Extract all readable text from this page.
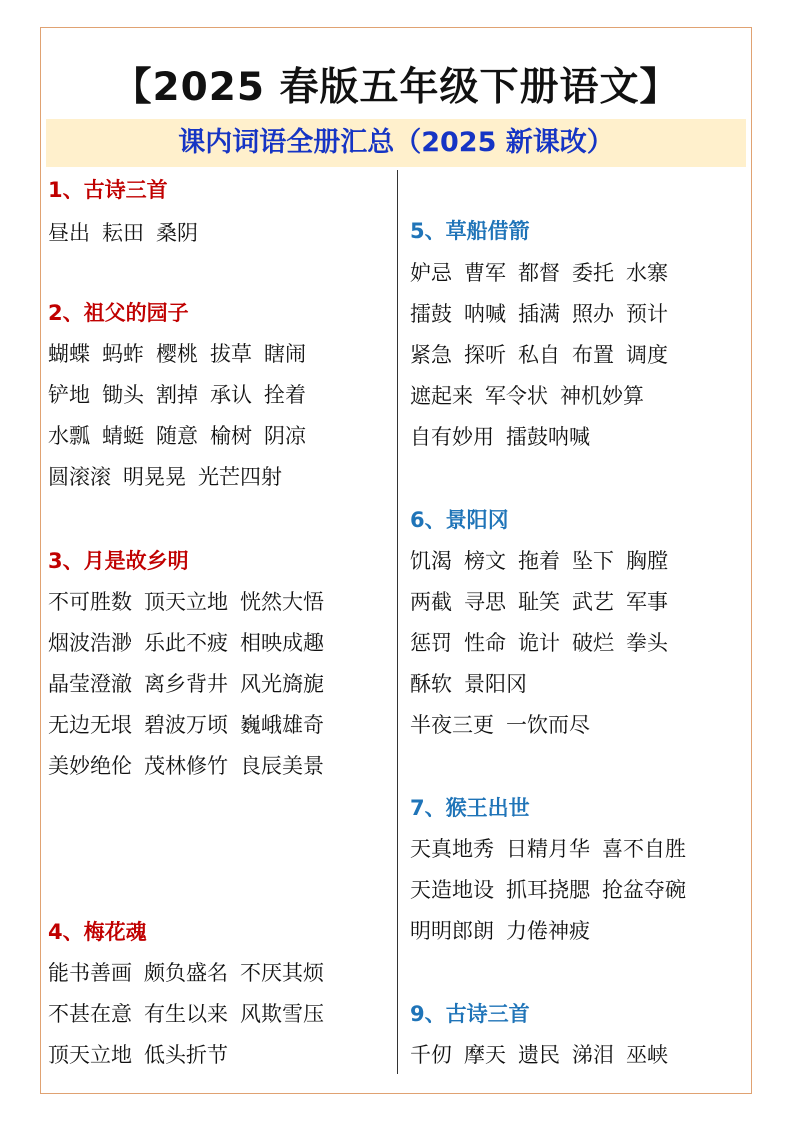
【2025 春版五年级下册语文】
课内词语全册汇总（2025 新课改）
1、古诗三首
昼出 耘田 桑阴
2、祖父的园子
蝴蝶 蚂蚱 樱桃 拔草 瞎闹
铲地 锄头 割掉 承认 拴着
水瓢 蜻蜓 随意 榆树 阴凉
圆滚滚 明晃晃 光芒四射
3、月是故乡明
不可胜数 顶天立地 恍然大悟
烟波浩渺 乐此不疲 相映成趣
晶莹澄澈 离乡背井 风光旖旎
无边无垠 碧波万顷 巍峨雄奇
美妙绝伦 茂林修竹 良辰美景
4、梅花魂
能书善画 颇负盛名 不厌其烦
不甚在意 有生以来 风欺雪压
顶天立地 低头折节
5、草船借箭
妒忌 曹军 都督 委托 水寨
擂鼓 呐喊 插满 照办 预计
紧急 探听 私自 布置 调度
遮起来 军令状 神机妙算
自有妙用 擂鼓呐喊
6、景阳冈
饥渴 榜文 拖着 坠下 胸膛
两截 寻思 耻笑 武艺 军事
惩罚 性命 诡计 破烂 拳头
酥软 景阳冈
半夜三更 一饮而尽
7、猴王出世
天真地秀 日精月华 喜不自胜
天造地设 抓耳挠腮 抢盆夺碗
明明郎朗 力倦神疲
9、古诗三首
千仞 摩天 遗民 涕泪 巫峡
